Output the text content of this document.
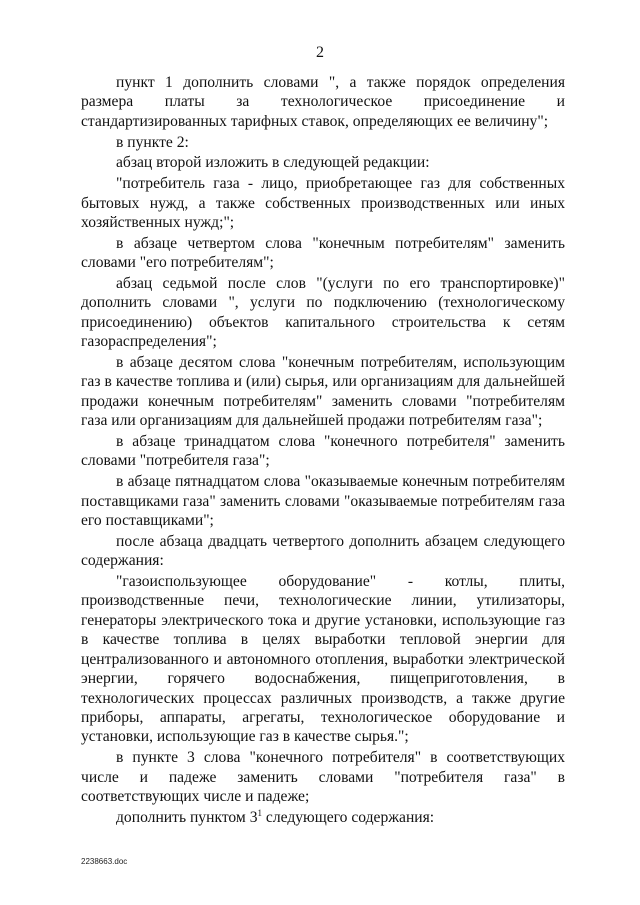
2

пункт 1 дополнить словами ", а также порядок определения размера платы за технологическое присоединение и стандартизированных тарифных ставок, определяющих ее величину";

в пункте 2:

абзац второй изложить в следующей редакции:

"потребитель газа - лицо, приобретающее газ для собственных бытовых нужд, а также собственных производственных или иных хозяйственных нужд;";

в абзаце четвертом слова "конечным потребителям" заменить словами "его потребителям";

абзац седьмой после слов "(услуги по его транспортировке)" дополнить словами ", услуги по подключению (технологическому присоединению) объектов капитального строительства к сетям газораспределения";

в абзаце десятом слова "конечным потребителям, использующим газ в качестве топлива и (или) сырья, или организациям для дальнейшей продажи конечным потребителям" заменить словами "потребителям газа или организациям для дальнейшей продажи потребителям газа";

в абзаце тринадцатом слова "конечного потребителя" заменить словами "потребителя газа";

в абзаце пятнадцатом слова "оказываемые конечным потребителям поставщиками газа" заменить словами "оказываемые потребителям газа его поставщиками";

после абзаца двадцать четвертого дополнить абзацем следующего содержания:

"газоиспользующее оборудование" - котлы, плиты, производственные печи, технологические линии, утилизаторы, генераторы электрического тока и другие установки, использующие газ в качестве топлива в целях выработки тепловой энергии для централизованного и автономного отопления, выработки электрической энергии, горячего водоснабжения, пищеприготовления, в технологических процессах различных производств, а также другие приборы, аппараты, агрегаты, технологическое оборудование и установки, использующие газ в качестве сырья.";

в пункте 3 слова "конечного потребителя" в соответствующих числе и падеже заменить словами "потребителя газа" в соответствующих числе и падеже;

дополнить пунктом $3^1$ следующего содержания:

2238663.doc
